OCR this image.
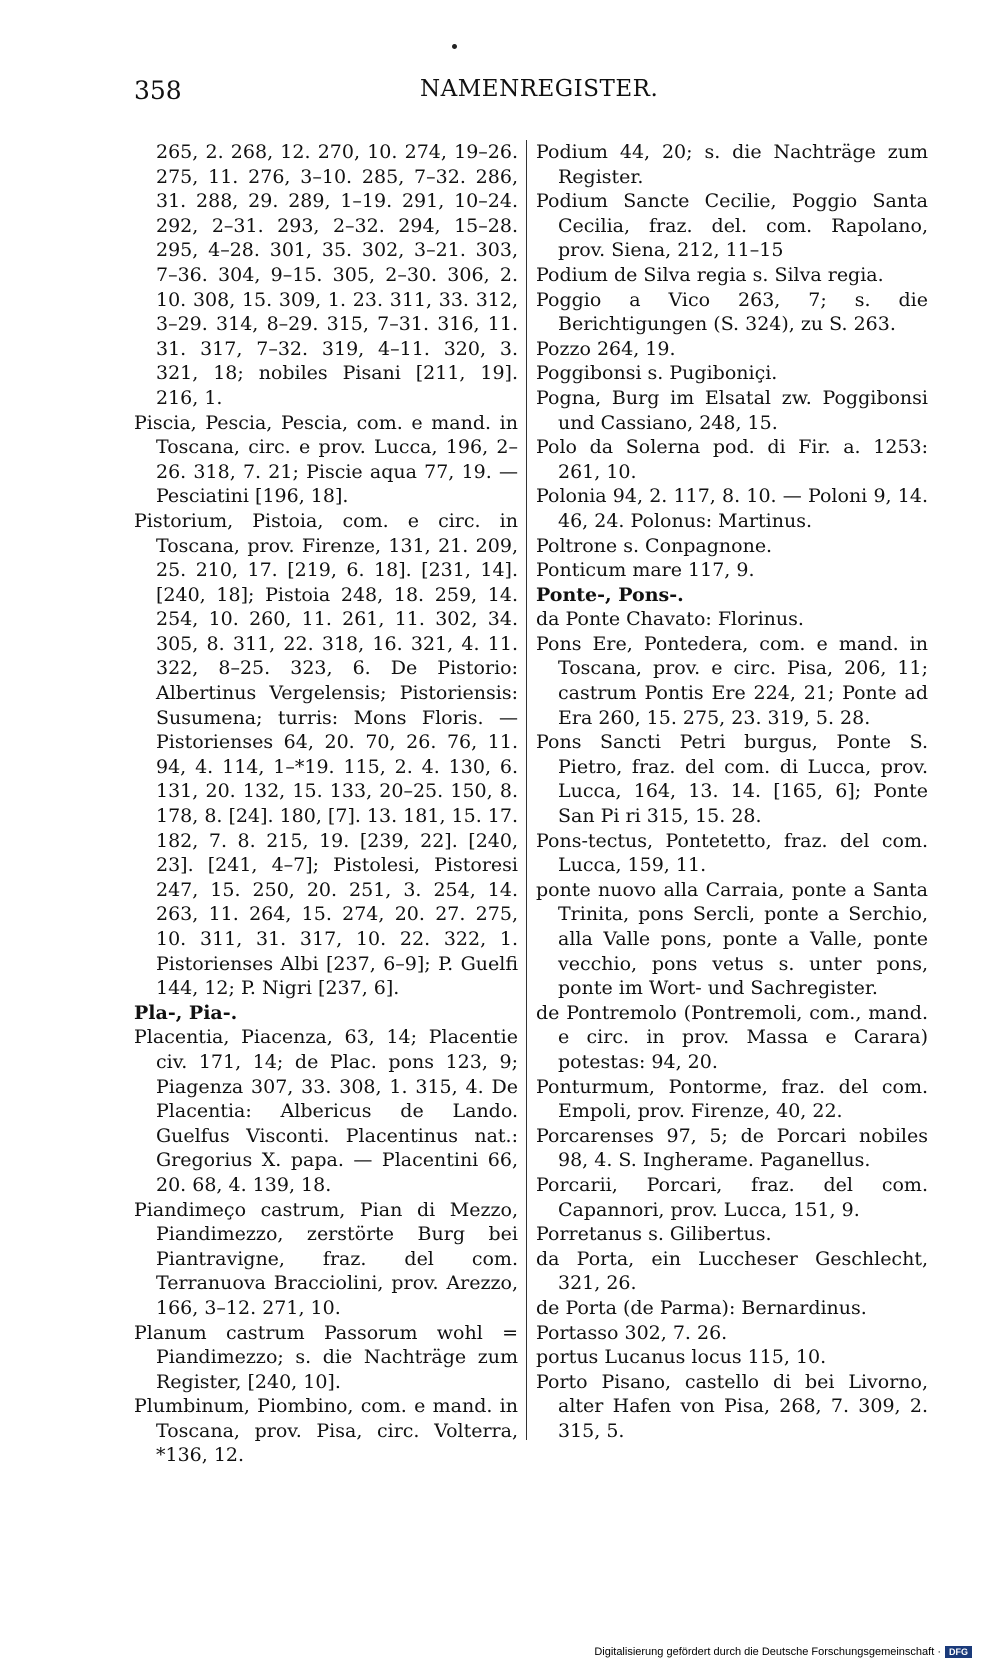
358	NAMENREGISTER.

265, 2. 268, 12. 270, 10. 274, 19–26. 275, 11. 276, 3–10. 285, 7–32. 286, 31. 288, 29. 289, 1–19. 291, 10–24. 292, 2–31. 293, 2–32. 294, 15–28. 295, 4–28. 301, 35. 302, 3–21. 303, 7–36. 304, 9–15. 305, 2–30. 306, 2. 10. 308, 15. 309, 1. 23. 311, 33. 312, 3–29. 314, 8–29. 315, 7–31. 316, 11. 31. 317, 7–32. 319, 4–11. 320, 3. 321, 18; nobiles Pisani [211, 19]. 216, 1.

Piscia, Pescia, Pescia, com. e mand. in Toscana, circ. e prov. Lucca, 196, 2–26. 318, 7. 21; Piscie aqua 77, 19. — Pesciatini [196, 18].

Pistorium, Pistoia, com. e circ. in Toscana, prov. Firenze, 131, 21. 209, 25. 210, 17. [219, 6. 18]. [231, 14]. [240, 18]; Pistoia 248, 18. 259, 14. 254, 10. 260, 11. 261, 11. 302, 34. 305, 8. 311, 22. 318, 16. 321, 4. 11. 322, 8–25. 323, 6. De Pistorio: Albertinus Vergelensis; Pistoriensis: Susumena; turris: Mons Floris. — Pistorienses 64, 20. 70, 26. 76, 11. 94, 4. 114, 1–*19. 115, 2. 4. 130, 6. 131, 20. 132, 15. 133, 20–25. 150, 8. 178, 8. [24]. 180, [7]. 13. 181, 15. 17. 182, 7. 8. 215, 19. [239, 22]. [240, 23]. [241, 4–7]; Pistolesi, Pistoresi 247, 15. 250, 20. 251, 3. 254, 14. 263, 11. 264, 15. 274, 20. 27. 275, 10. 311, 31. 317, 10. 22. 322, 1. Pistorienses Albi [237, 6–9]; P. Guelfi 144, 12; P. Nigri [237, 6].

Pla-, Pia-.

Placentia, Piacenza, 63, 14; Placentie civ. 171, 14; de Plac. pons 123, 9; Piagenza 307, 33. 308, 1. 315, 4. De Placentia: Albericus de Lando. Guelfus Visconti. Placentinus nat.: Gregorius X. papa. — Placentini 66, 20. 68, 4. 139, 18.

Piandimeço castrum, Pian di Mezzo, Piandimezzo, zerstörte Burg bei Piantravigne, fraz. del com. Terranuova Bracciolini, prov. Arezzo, 166, 3–12. 271, 10.

Planum castrum Passorum wohl = Piandimezzo; s. die Nachträge zum Register, [240, 10].

Plumbinum, Piombino, com. e mand. in Toscana, prov. Pisa, circ. Volterra, *136, 12.

Podium 44, 20; s. die Nachträge zum Register.

Podium Sancte Cecilie, Poggio Santa Cecilia, fraz. del. com. Rapolano, prov. Siena, 212, 11–15

Podium de Silva regia s. Silva regia.

Poggio a Vico 263, 7; s. die Berichtigungen (S. 324), zu S. 263.

Pozzo 264, 19.

Poggibonsi s. Pugiboniçi.

Pogna, Burg im Elsatal zw. Poggibonsi und Cassiano, 248, 15.

Polo da Solerna pod. di Fir. a. 1253: 261, 10.

Polonia 94, 2. 117, 8. 10. — Poloni 9, 14. 46, 24. Polonus: Martinus.

Poltrone s. Conpagnone.

Ponticum mare 117, 9.

Ponte-, Pons-.

da Ponte Chavato: Florinus.

Pons Ere, Pontedera, com. e mand. in Toscana, prov. e circ. Pisa, 206, 11; castrum Pontis Ere 224, 21; Ponte ad Era 260, 15. 275, 23. 319, 5. 28.

Pons Sancti Petri burgus, Ponte S. Pietro, fraz. del com. di Lucca, prov. Lucca, 164, 13. 14. [165, 6]; Ponte San Pi ri 315, 15. 28.

Pons-tectus, Pontetetto, fraz. del com. Lucca, 159, 11.

ponte nuovo alla Carraia, ponte a Santa Trinita, pons Sercli, ponte a Serchio, alla Valle pons, ponte a Valle, ponte vecchio, pons vetus s. unter pons, ponte im Wort- und Sachregister.

de Pontremolo (Pontremoli, com., mand. e circ. in prov. Massa e Carara) potestas: 94, 20.

Ponturmum, Pontorme, fraz. del com. Empoli, prov. Firenze, 40, 22.

Porcarenses 97, 5; de Porcari nobiles 98, 4. S. Ingherame. Paganellus.

Porcarii, Porcari, fraz. del com. Capannori, prov. Lucca, 151, 9.

Porretanus s. Gilibertus.

da Porta, ein Luccheser Geschlecht, 321, 26.

de Porta (de Parma): Bernardinus.

Portasso 302, 7. 26.

portus Lucanus locus 115, 10.

Porto Pisano, castello di bei Livorno, alter Hafen von Pisa, 268, 7. 309, 2. 315, 5.

Digitalisierung gefördert durch die Deutsche Forschungsgemeinschaft · DFG
